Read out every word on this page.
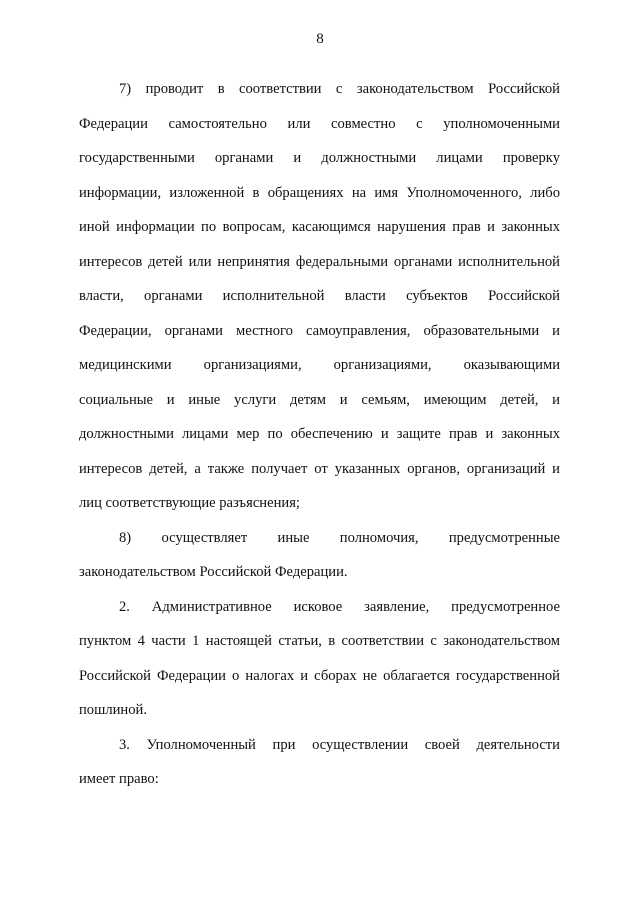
8
7) проводит в соответствии с законодательством Российской
Федерации самостоятельно или совместно с уполномоченными
государственными органами и должностными лицами проверку
информации, изложенной в обращениях на имя Уполномоченного, либо
иной информации по вопросам, касающимся нарушения прав и законных
интересов детей или непринятия федеральными органами исполнительной
власти, органами исполнительной власти субъектов Российской
Федерации, органами местного самоуправления, образовательными и
медицинскими организациями, организациями, оказывающими
социальные и иные услуги детям и семьям, имеющим детей, и
должностными лицами мер по обеспечению и защите прав и законных
интересов детей, а также получает от указанных органов, организаций и
лиц соответствующие разъяснения;
8) осуществляет иные полномочия, предусмотренные
законодательством Российской Федерации.
2. Административное исковое заявление, предусмотренное
пунктом 4 части 1 настоящей статьи, в соответствии с законодательством
Российской Федерации о налогах и сборах не облагается государственной
пошлиной.
3. Уполномоченный при осуществлении своей деятельности
имеет право:
